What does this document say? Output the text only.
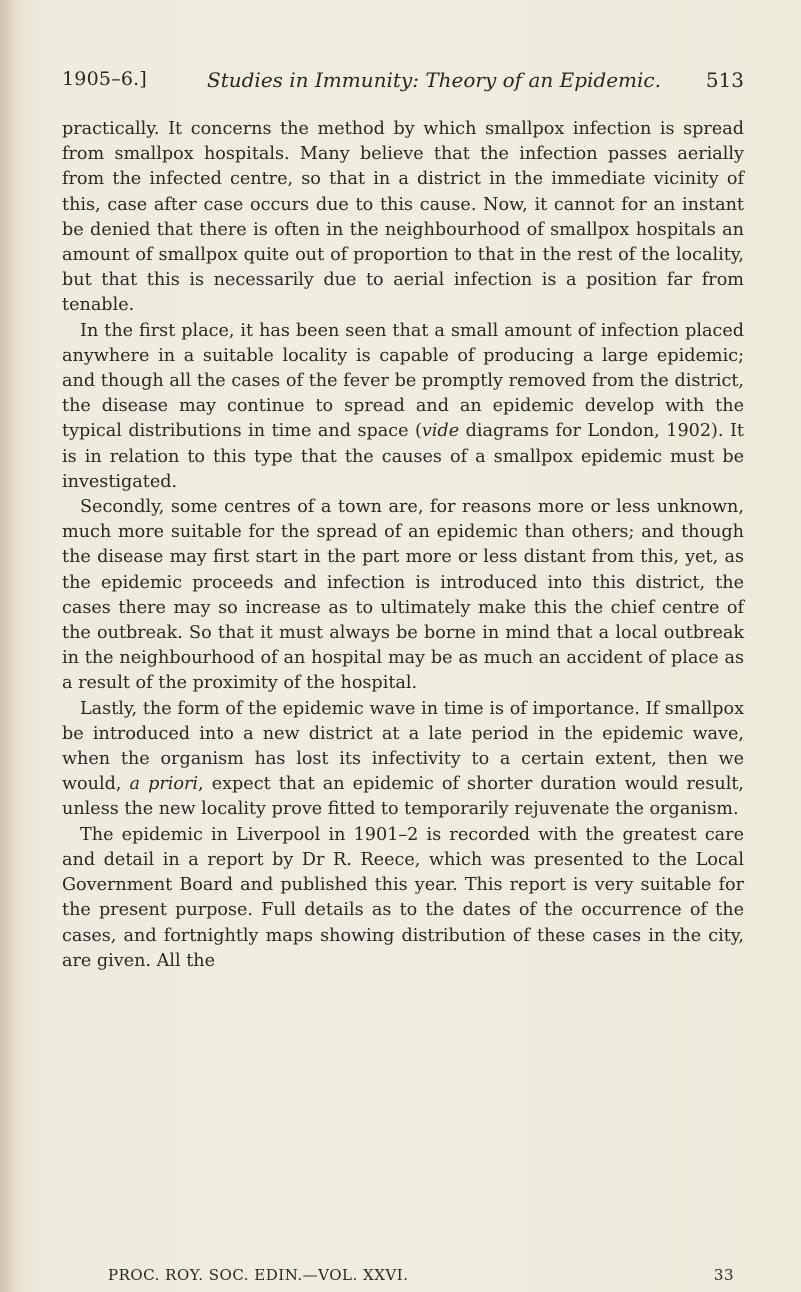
1905–6.]	Studies in Immunity: Theory of an Epidemic. 513

practically. It concerns the method by which smallpox infection is spread from smallpox hospitals. Many believe that the infection passes aerially from the infected centre, so that in a district in the immediate vicinity of this, case after case occurs due to this cause. Now, it cannot for an instant be denied that there is often in the neighbourhood of smallpox hospitals an amount of smallpox quite out of proportion to that in the rest of the locality, but that this is necessarily due to aerial infection is a position far from tenable.

In the first place, it has been seen that a small amount of infection placed anywhere in a suitable locality is capable of producing a large epidemic; and though all the cases of the fever be promptly removed from the district, the disease may continue to spread and an epidemic develop with the typical distributions in time and space (vide diagrams for London, 1902). It is in relation to this type that the causes of a smallpox epidemic must be investigated.

Secondly, some centres of a town are, for reasons more or less unknown, much more suitable for the spread of an epidemic than others; and though the disease may first start in the part more or less distant from this, yet, as the epidemic proceeds and infection is introduced into this district, the cases there may so increase as to ultimately make this the chief centre of the outbreak. So that it must always be borne in mind that a local outbreak in the neighbourhood of an hospital may be as much an accident of place as a result of the proximity of the hospital.

Lastly, the form of the epidemic wave in time is of importance. If smallpox be introduced into a new district at a late period in the epidemic wave, when the organism has lost its infectivity to a certain extent, then we would, a priori, expect that an epidemic of shorter duration would result, unless the new locality prove fitted to temporarily rejuvenate the organism.

The epidemic in Liverpool in 1901–2 is recorded with the greatest care and detail in a report by Dr R. Reece, which was presented to the Local Government Board and published this year. This report is very suitable for the present purpose. Full details as to the dates of the occurrence of the cases, and fortnightly maps showing distribution of these cases in the city, are given. All the

PROC. ROY. SOC. EDIN.—VOL. XXVI.	33
